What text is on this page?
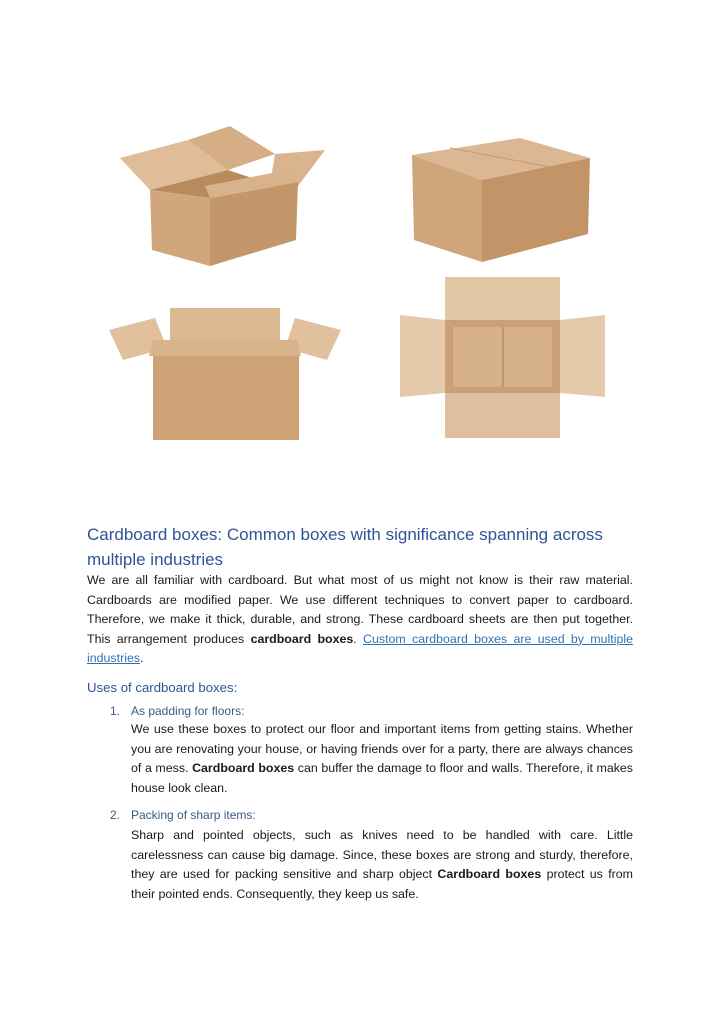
Cardboard boxes: Common boxes with significance spanning across multiple industries

We are all familiar with cardboard. But what most of us might not know is their raw material. Cardboards are modified paper. We use different techniques to convert paper to cardboard. Therefore, we make it thick, durable, and strong. These cardboard sheets are then put together. This arrangement produces cardboard boxes. Custom cardboard boxes are used by multiple industries.

Uses of cardboard boxes:
1. As padding for floors:

We use these boxes to protect our floor and important items from getting stains. Whether you are renovating your house, or having friends over for a party, there are always chances of a mess. Cardboard boxes can buffer the damage to floor and walls. Therefore, it makes house look clean.

2. Packing of sharp items:

Sharp and pointed objects, such as knives need to be handled with care. Little carelessness can cause big damage. Since, these boxes are strong and sturdy, therefore, they are used for packing sensitive and sharp object Cardboard boxes protect us from their pointed ends. Consequently, they keep us safe.
